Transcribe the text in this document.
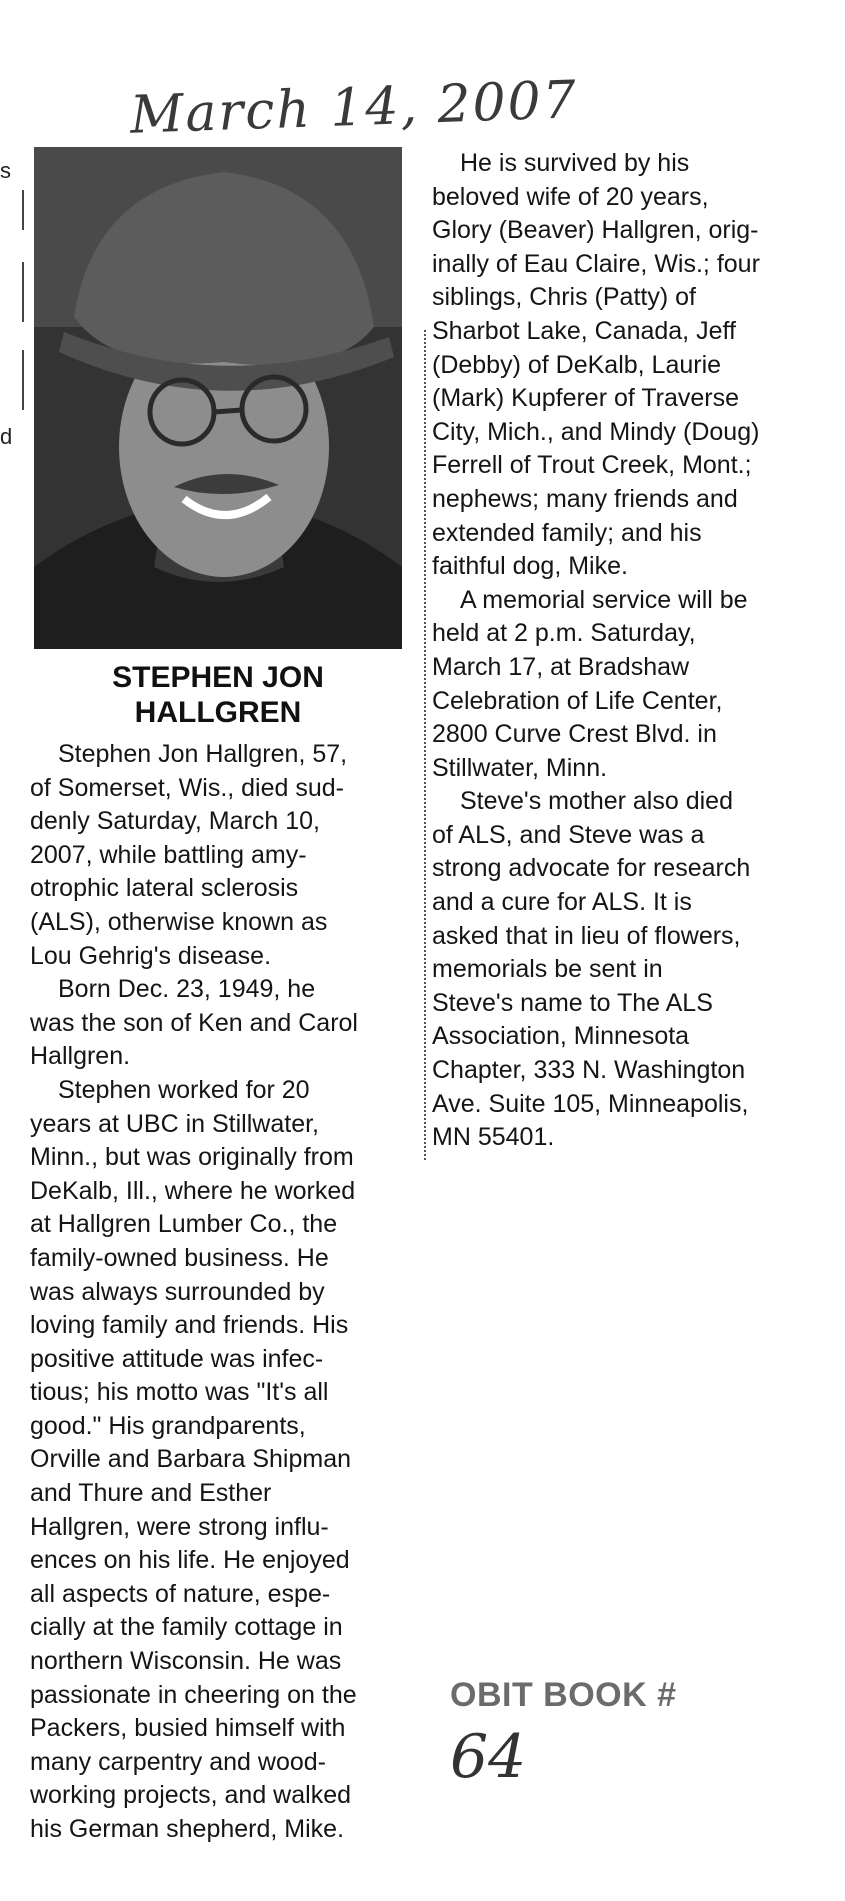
March 14, 2007
s
d
STEPHEN JON HALLGREN

Stephen Jon Hallgren, 57,
of Somerset, Wis., died sud-
denly Saturday, March 10,
2007, while battling amy-
otrophic lateral sclerosis
(ALS), otherwise known as
Lou Gehrig's disease.

Born Dec. 23, 1949, he
was the son of Ken and Carol
Hallgren.

Stephen worked for 20
years at UBC in Stillwater,
Minn., but was originally from
DeKalb, Ill., where he worked
at Hallgren Lumber Co., the
family-owned business. He
was always surrounded by
loving family and friends. His
positive attitude was infec-
tious; his motto was "It's all
good." His grandparents,
Orville and Barbara Shipman
and Thure and Esther
Hallgren, were strong influ-
ences on his life. He enjoyed
all aspects of nature, espe-
cially at the family cottage in
northern Wisconsin. He was
passionate in cheering on the
Packers, busied himself with
many carpentry and wood-
working projects, and walked
his German shepherd, Mike.

He is survived by his
beloved wife of 20 years,
Glory (Beaver) Hallgren, orig-
inally of Eau Claire, Wis.; four
siblings, Chris (Patty) of
Sharbot Lake, Canada, Jeff
(Debby) of DeKalb, Laurie
(Mark) Kupferer of Traverse
City, Mich., and Mindy (Doug)
Ferrell of Trout Creek, Mont.;
nephews; many friends and
extended family; and his
faithful dog, Mike.

A memorial service will be
held at 2 p.m. Saturday,
March 17, at Bradshaw
Celebration of Life Center,
2800 Curve Crest Blvd. in
Stillwater, Minn.

Steve's mother also died
of ALS, and Steve was a
strong advocate for research
and a cure for ALS. It is
asked that in lieu of flowers,
memorials be sent in
Steve's name to The ALS
Association, Minnesota
Chapter, 333 N. Washington
Ave. Suite 105, Minneapolis,
MN 55401.

OBIT BOOK #
64
